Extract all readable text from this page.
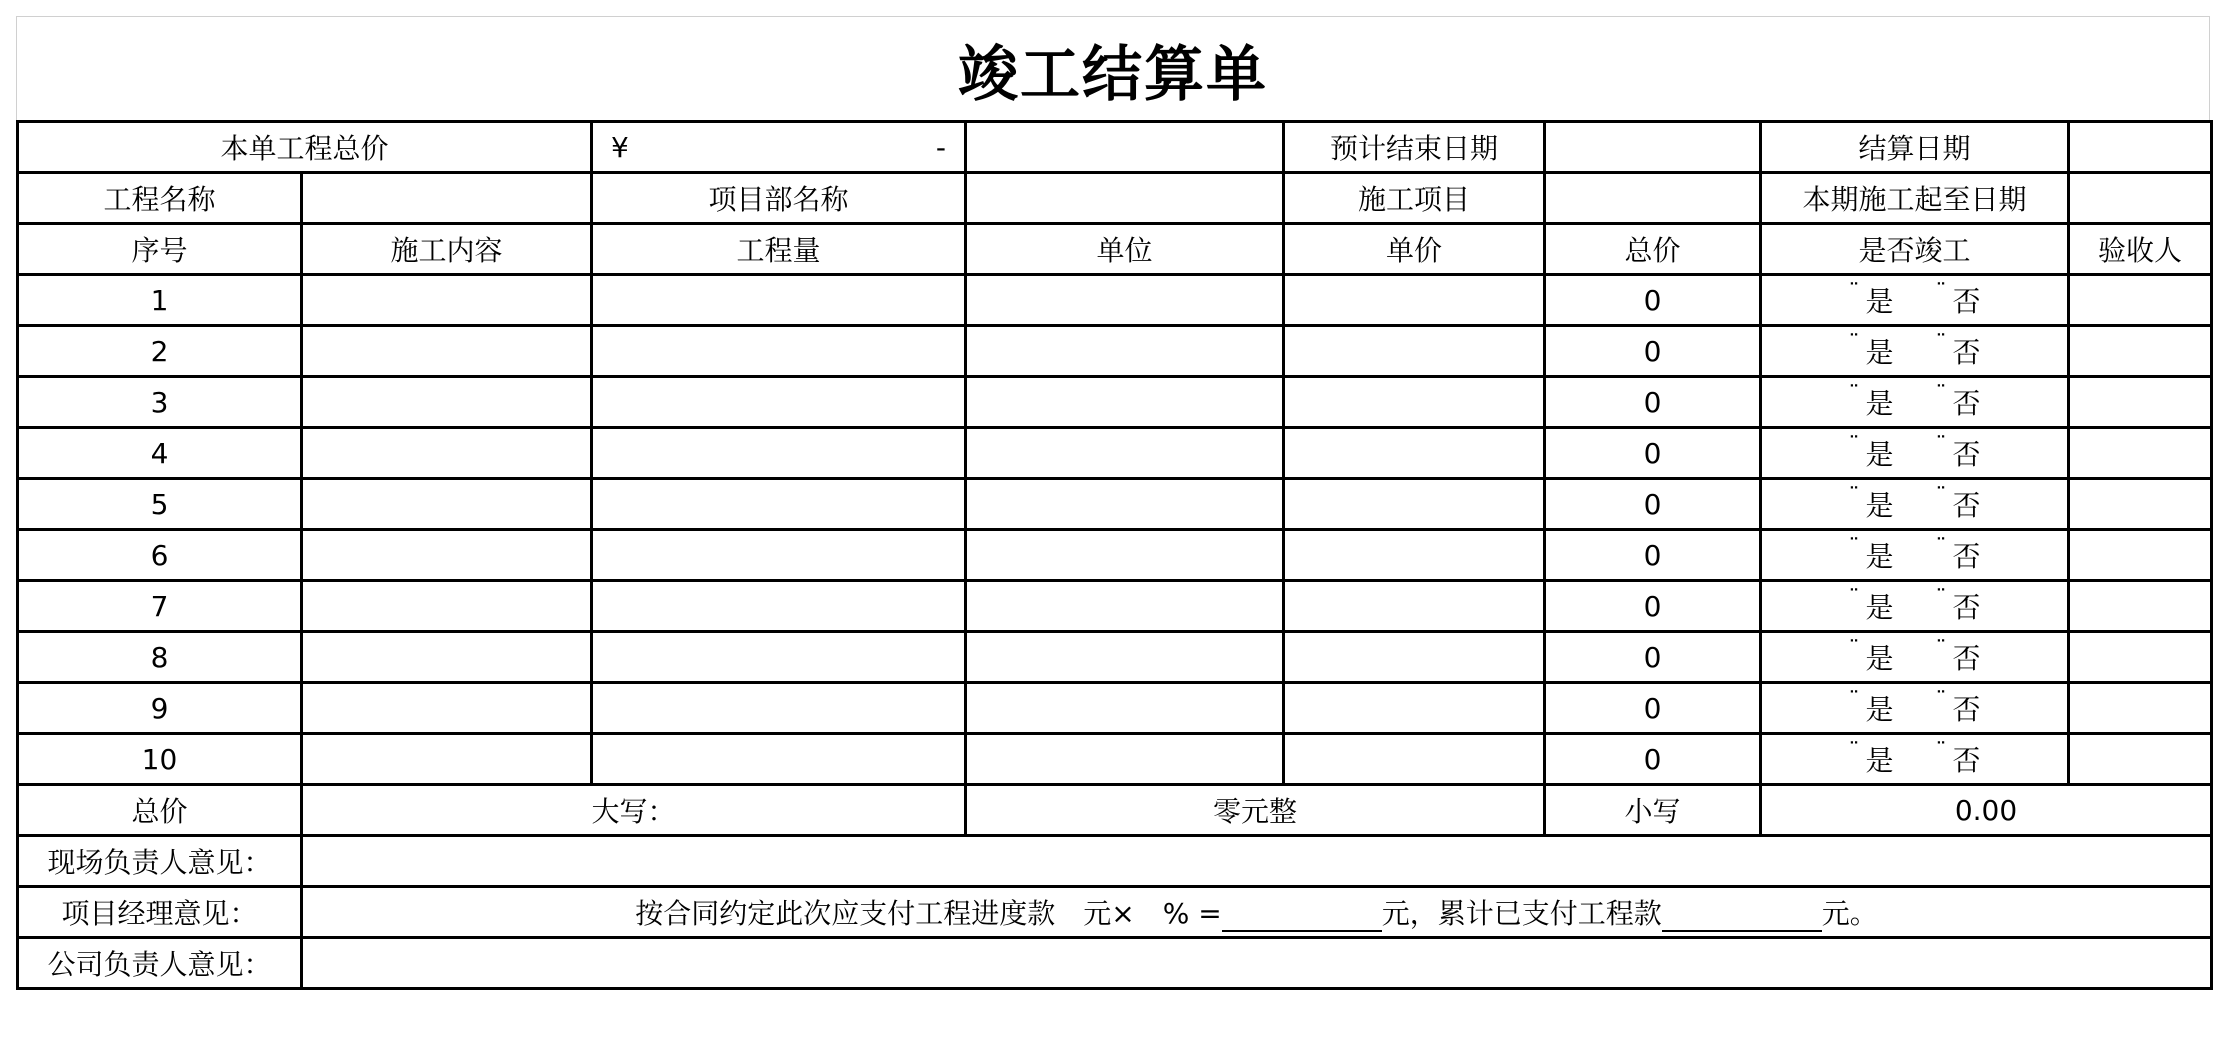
竣工结算单
本单工程总价		¥ -		预计结束日期		结算日期	
工程名称		项目部名称		施工项目		本期施工起至日期	
序号	施工内容	工程量	单位	单价	总价	是否竣工	验收人
1					0	¨ 是 ¨ 否	
2					0	¨ 是 ¨ 否	
3					0	¨ 是 ¨ 否	
4					0	¨ 是 ¨ 否	
5					0	¨ 是 ¨ 否	
6					0	¨ 是 ¨ 否	
7					0	¨ 是 ¨ 否	
8					0	¨ 是 ¨ 否	
9					0	¨ 是 ¨ 否	
10					0	¨ 是 ¨ 否	
总价	大写：		零元整		小写	0.00	
现场负责人意见：							
项目经理意见：	按合同约定此次应支付工程进度款　元×　% = 元，累计已支付工程款 元。						
公司负责人意见：							
